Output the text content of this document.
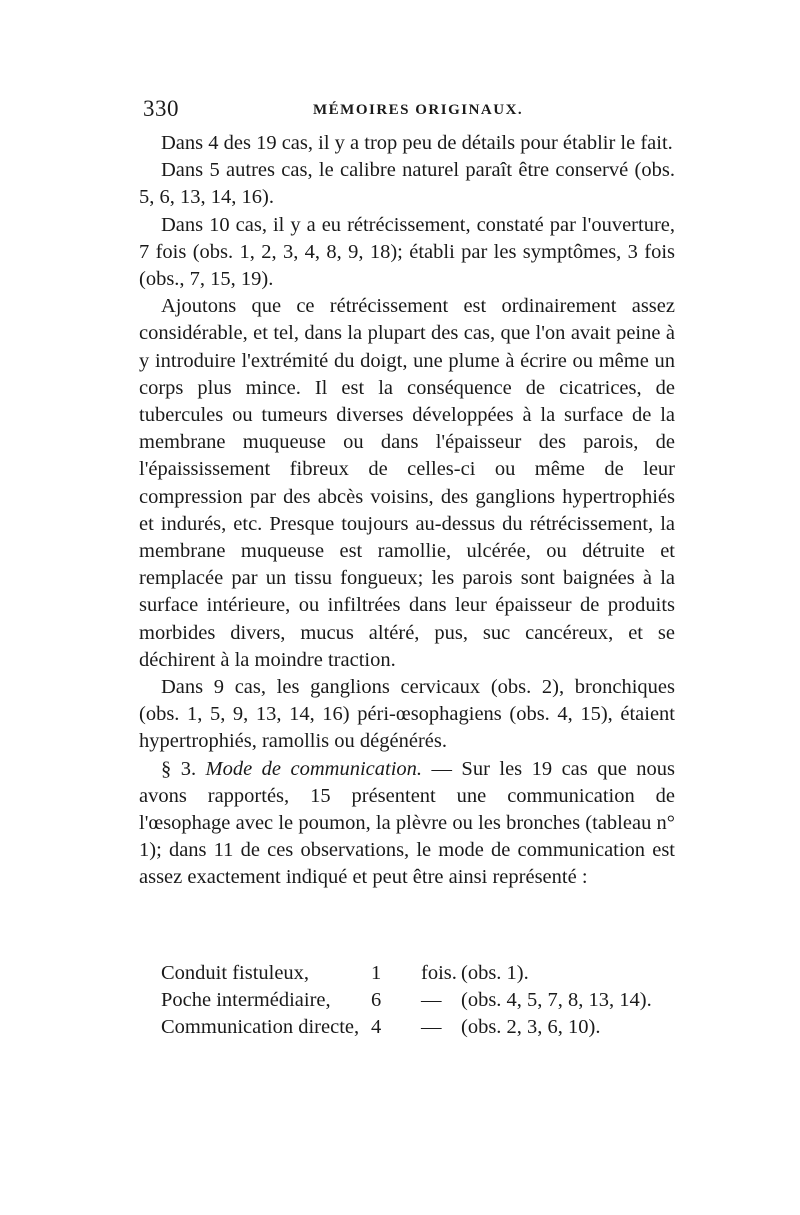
330	MÉMOIRES ORIGINAUX.

Dans 4 des 19 cas, il y a trop peu de détails pour établir le fait.

Dans 5 autres cas, le calibre naturel paraît être conservé (obs. 5, 6, 13, 14, 16).

Dans 10 cas, il y a eu rétrécissement, constaté par l'ouverture, 7 fois (obs. 1, 2, 3, 4, 8, 9, 18); établi par les symptômes, 3 fois (obs., 7, 15, 19).

Ajoutons que ce rétrécissement est ordinairement assez considérable, et tel, dans la plupart des cas, que l'on avait peine à y introduire l'extrémité du doigt, une plume à écrire ou même un corps plus mince. Il est la conséquence de cicatrices, de tubercules ou tumeurs diverses développées à la surface de la membrane muqueuse ou dans l'épaisseur des parois, de l'épaississement fibreux de celles-ci ou même de leur compression par des abcès voisins, des ganglions hypertrophiés et indurés, etc. Presque toujours au-dessus du rétrécissement, la membrane muqueuse est ramollie, ulcérée, ou détruite et remplacée par un tissu fongueux; les parois sont baignées à la surface intérieure, ou infiltrées dans leur épaisseur de produits morbides divers, mucus altéré, pus, suc cancéreux, et se déchirent à la moindre traction.

Dans 9 cas, les ganglions cervicaux (obs. 2), bronchiques (obs. 1, 5, 9, 13, 14, 16) péri-œsophagiens (obs. 4, 15), étaient hypertrophiés, ramollis ou dégénérés.

§ 3. Mode de communication. — Sur les 19 cas que nous avons rapportés, 15 présentent une communication de l'œsophage avec le poumon, la plèvre ou les bronches (tableau n° 1); dans 11 de ces observations, le mode de communication est assez exactement indiqué et peut être ainsi représenté :

Conduit fistuleux,	1	fois. (obs. 1).
Poche intermédiaire,	6	— (obs. 4, 5, 7, 8, 13, 14).
Communication directe, 4	— (obs. 2, 3, 6, 10).
